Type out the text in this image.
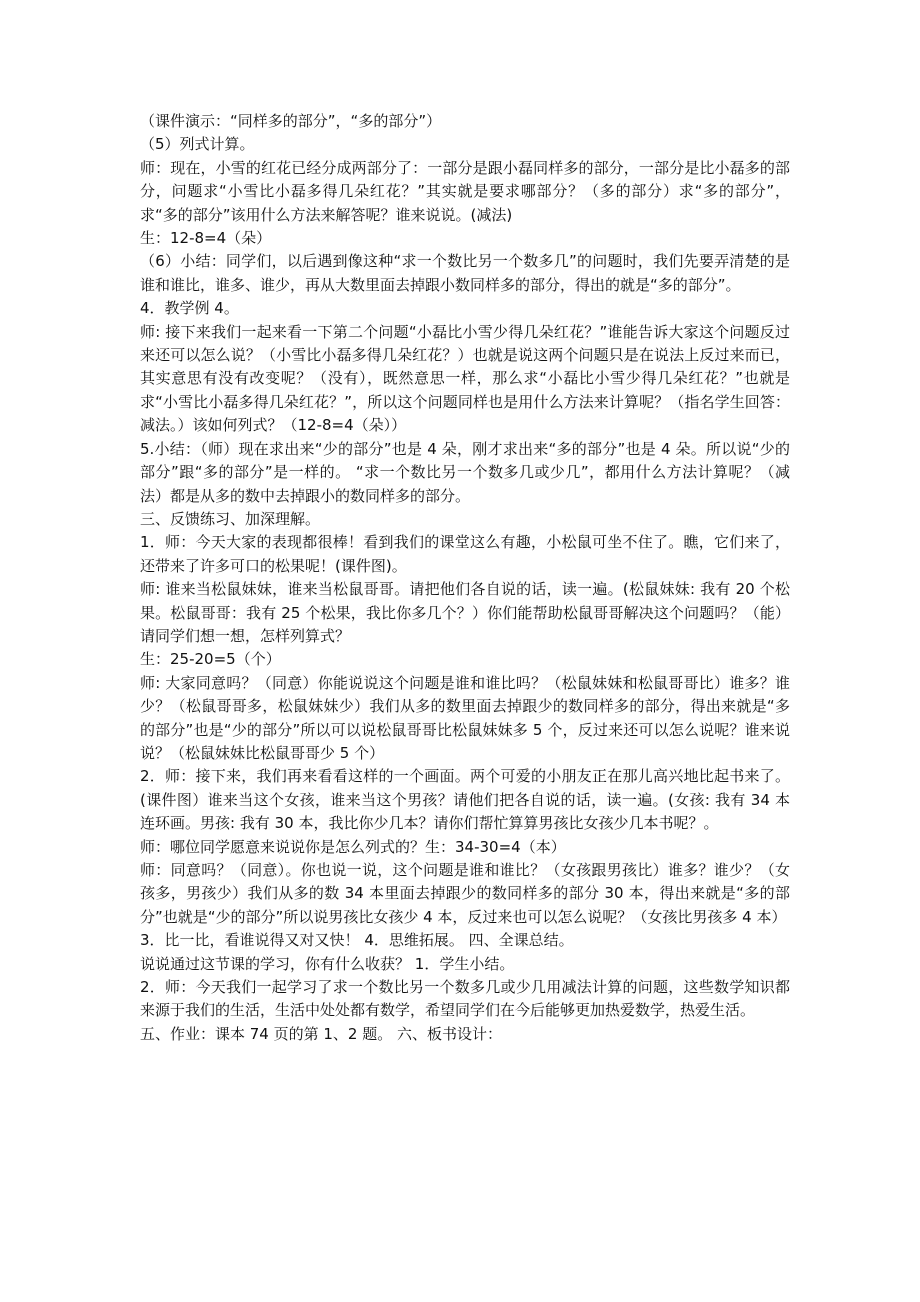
（课件演示：“同样多的部分”，“多的部分”）

（5）列式计算。

师：现在，小雪的红花已经分成两部分了：一部分是跟小磊同样多的部分，一部分是比小磊多的部分，问题求“小雪比小磊多得几朵红花？”其实就是要求哪部分？（多的部分）求“多的部分”，求“多的部分”该用什么方法来解答呢？谁来说说。(减法)

生：12-8=4（朵）

（6）小结：同学们，以后遇到像这种“求一个数比另一个数多几”的问题时，我们先要弄清楚的是谁和谁比，谁多、谁少，再从大数里面去掉跟小数同样多的部分，得出的就是“多的部分”。

4．教学例 4。

师: 接下来我们一起来看一下第二个问题“小磊比小雪少得几朵红花？”谁能告诉大家这个问题反过来还可以怎么说？（小雪比小磊多得几朵红花？）也就是说这两个问题只是在说法上反过来而已，其实意思有没有改变呢？（没有），既然意思一样，那么求“小磊比小雪少得几朵红花？”也就是求“小雪比小磊多得几朵红花？”，所以这个问题同样也是用什么方法来计算呢？（指名学生回答：减法。）该如何列式？（12-8=4（朵））

5.小结：（师）现在求出来“少的部分”也是 4 朵，刚才求出来“多的部分”也是 4 朵。所以说“少的部分”跟“多的部分”是一样的。 “求一个数比另一个数多几或少几”，都用什么方法计算呢？（减法）都是从多的数中去掉跟小的数同样多的部分。

三、反馈练习、加深理解。

1．师：今天大家的表现都很棒！看到我们的课堂这么有趣，小松鼠可坐不住了。瞧，它们来了，还带来了许多可口的松果呢！(课件图)。

师: 谁来当松鼠妹妹，谁来当松鼠哥哥。请把他们各自说的话，读一遍。(松鼠妹妹: 我有 20 个松果。松鼠哥哥：我有 25 个松果，我比你多几个？）你们能帮助松鼠哥哥解决这个问题吗？（能）请同学们想一想，怎样列算式？

生：25-20=5（个）

师: 大家同意吗？（同意）你能说说这个问题是谁和谁比吗？（松鼠妹妹和松鼠哥哥比）谁多？谁少？（松鼠哥哥多，松鼠妹妹少）我们从多的数里面去掉跟少的数同样多的部分，得出来就是“多的部分”也是“少的部分”所以可以说松鼠哥哥比松鼠妹妹多 5 个，反过来还可以怎么说呢？谁来说说？（松鼠妹妹比松鼠哥哥少 5 个）

2．师：接下来，我们再来看看这样的一个画面。两个可爱的小朋友正在那儿高兴地比起书来了。(课件图）谁来当这个女孩，谁来当这个男孩？请他们把各自说的话，读一遍。(女孩: 我有 34 本连环画。男孩: 我有 30 本，我比你少几本？请你们帮忙算算男孩比女孩少几本书呢？。

师：哪位同学愿意来说说你是怎么列式的？生：34-30=4（本）

师：同意吗？（同意）。你也说一说，这个问题是谁和谁比？（女孩跟男孩比）谁多？谁少？（女孩多，男孩少）我们从多的数 34 本里面去掉跟少的数同样多的部分 30 本，得出来就是“多的部分”也就是“少的部分”所以说男孩比女孩少 4 本，反过来也可以怎么说呢？（女孩比男孩多 4 本）

3．比一比，看谁说得又对又快！ 4．思维拓展。 四、全课总结。

说说通过这节课的学习，你有什么收获？ 1．学生小结。

2．师：今天我们一起学习了求一个数比另一个数多几或少几用减法计算的问题，这些数学知识都来源于我们的生活，生活中处处都有数学，希望同学们在今后能够更加热爱数学，热爱生活。

五、作业：课本 74 页的第 1、2 题。 六、板书设计：
